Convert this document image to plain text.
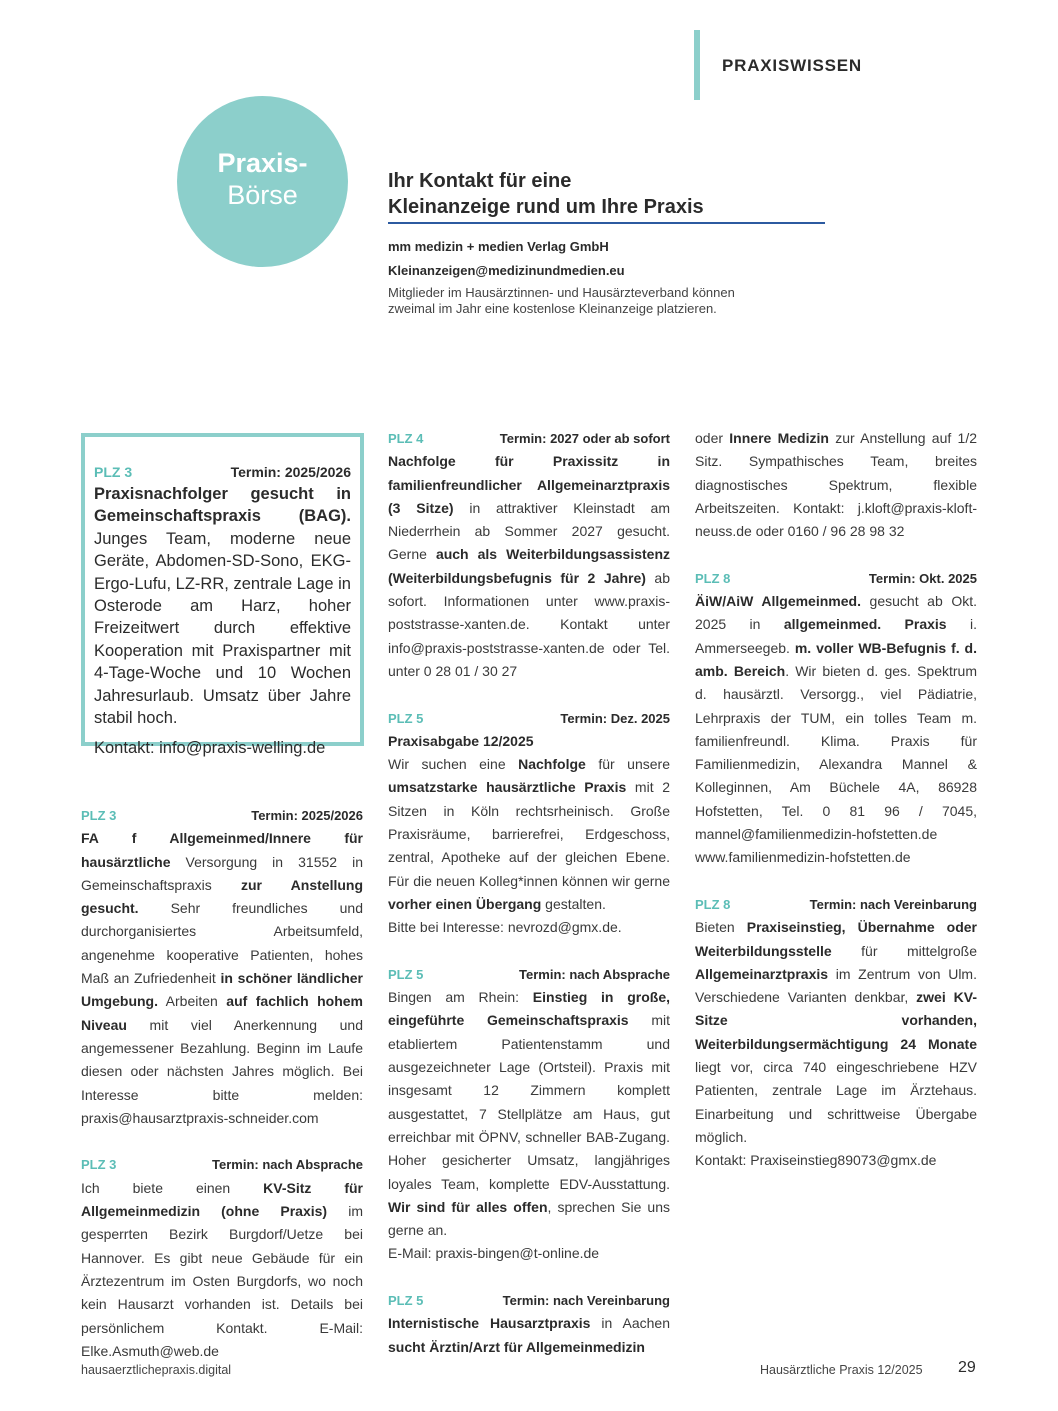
PRAXISWISSEN
Praxis-
Börse	Ihr Kontakt für eine
Kleinanzeige rund um Ihre Praxis
mm medizin + medien Verlag GmbH
Kleinanzeigen@medizinundmedien.eu
Mitglieder im Hausärztinnen- und Hausärzteverband können
zweimal im Jahr eine kostenlose Kleinanzeige platzieren.
PLZ 3	Termin: 2025/2026

Praxisnachfolger gesucht in Gemeinschaftspraxis (BAG). Junges Team, moderne neue Geräte, Abdomen-SD-Sono, EKG-Ergo-Lufu, LZ-RR, zentrale Lage in Osterode am Harz, hoher Freizeitwert durch effektive Kooperation mit Praxispartner mit 4-Tage-Woche und 10 Wochen Jahresurlaub. Umsatz über Jahre stabil hoch.

Kontakt: info@praxis-welling.de

PLZ 3	Termin: 2025/2026

FA f Allgemeinmed/Innere für hausärztliche Versorgung in 31552 in Gemeinschaftspraxis zur Anstellung gesucht. Sehr freundliches und durchorganisiertes Arbeitsumfeld, angenehme kooperative Patienten, hohes Maß an Zufriedenheit in schöner ländlicher Umgebung. Arbeiten auf fachlich hohem Niveau mit viel Anerkennung und angemessener Bezahlung. Beginn im Laufe diesen oder nächsten Jahres möglich. Bei Interesse bitte melden: praxis@hausarztpraxis-schneider.com

PLZ 3	Termin: nach Absprache

Ich biete einen KV-Sitz für Allgemeinmedizin (ohne Praxis) im gesperrten Bezirk Burgdorf/Uetze bei Hannover. Es gibt neue Gebäude für ein Ärztezentrum im Osten Burgdorfs, wo noch kein Hausarzt vorhanden ist. Details bei persönlichem Kontakt. E-Mail: Elke.Asmuth@web.de

PLZ 4	Termin: 2027 oder ab sofort

Nachfolge für Praxissitz in familienfreundlicher Allgemeinarztpraxis (3 Sitze) in attraktiver Kleinstadt am Niederrhein ab Sommer 2027 gesucht. Gerne auch als Weiterbildungsassistenz (Weiterbildungsbefugnis für 2 Jahre) ab sofort. Informationen unter www.praxis-poststrasse-xanten.de. Kontakt unter info@praxis-poststrasse-xanten.de oder Tel. unter 0 28 01 / 30 27

PLZ 5	Termin: Dez. 2025

Praxisabgabe 12/2025

Wir suchen eine Nachfolge für unsere umsatzstarke hausärztliche Praxis mit 2 Sitzen in Köln rechtsrheinisch. Große Praxisräume, barrierefrei, Erdgeschoss, zentral, Apotheke auf der gleichen Ebene. Für die neuen Kolleg*innen können wir gerne vorher einen Übergang gestalten.

Bitte bei Interesse: nevrozd@gmx.de.

PLZ 5	Termin: nach Absprache

Bingen am Rhein: Einstieg in große, eingeführte Gemeinschaftspraxis mit etabliertem Patientenstamm und ausgezeichneter Lage (Ortsteil). Praxis mit insgesamt 12 Zimmern komplett ausgestattet, 7 Stellplätze am Haus, gut erreichbar mit ÖPNV, schneller BAB-Zugang. Hoher gesicherter Umsatz, langjähriges loyales Team, komplette EDV-Ausstattung. Wir sind für alles offen, sprechen Sie uns gerne an.

E-Mail: praxis-bingen@t-online.de

PLZ 5	Termin: nach Vereinbarung

Internistische Hausarztpraxis in Aachen sucht Ärztin/Arzt für Allgemeinmedizin

oder Innere Medizin zur Anstellung auf 1/2 Sitz. Sympathisches Team, breites diagnostisches Spektrum, flexible Arbeitszeiten. Kontakt: j.kloft@praxis-kloft-neuss.de oder 0160 / 96 28 98 32

PLZ 8	Termin: Okt. 2025

ÄiW/AiW Allgemeinmed. gesucht ab Okt. 2025 in allgemeinmed. Praxis i. Ammerseegeb. m. voller WB-Befugnis f. d. amb. Bereich. Wir bieten d. ges. Spektrum d. hausärztl. Versorgg., viel Pädiatrie, Lehrpraxis der TUM, ein tolles Team m. familienfreundl. Klima. Praxis für Familienmedizin, Alexandra Mannel & Kolleginnen, Am Büchele 4A, 86928 Hofstetten, Tel. 0 81 96 / 7045, mannel@familienmedizin-hofstetten.de www.familienmedizin-hofstetten.de

PLZ 8	Termin: nach Vereinbarung

Bieten Praxiseinstieg, Übernahme oder Weiterbildungsstelle für mittelgroße Allgemeinarztpraxis im Zentrum von Ulm. Verschiedene Varianten denkbar, zwei KV-Sitze vorhanden, Weiterbildungsermächtigung 24 Monate liegt vor, circa 740 eingeschriebene HZV Patienten, zentrale Lage im Ärztehaus. Einarbeitung und schrittweise Übergabe möglich.

Kontakt: Praxiseinstieg89073@gmx.de

hausaerztlichepraxis.digital	Hausärztliche Praxis 12/2025 29
